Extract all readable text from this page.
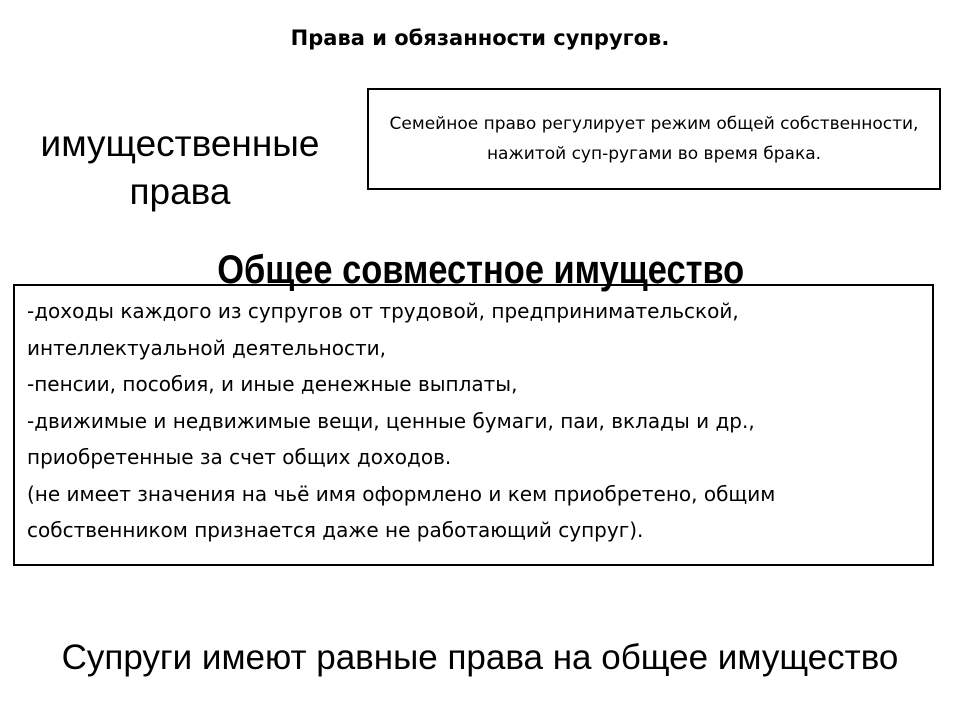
Права и обязанности супругов.
имущественные
права
Семейное право регулирует режим общей собственности, нажитой суп-ругами во время брака.
Общее совместное имущество

-доходы каждого из супругов от трудовой, предпринимательской, интеллектуальной деятельности,

-пенсии, пособия, и иные денежные выплаты,

-движимые и недвижимые вещи, ценные бумаги, паи, вклады и др., приобретенные за счет общих доходов.

(не имеет значения на чьё имя оформлено и кем приобретено, общим собственником признается даже не работающий супруг).

Супруги имеют равные права на общее имущество
